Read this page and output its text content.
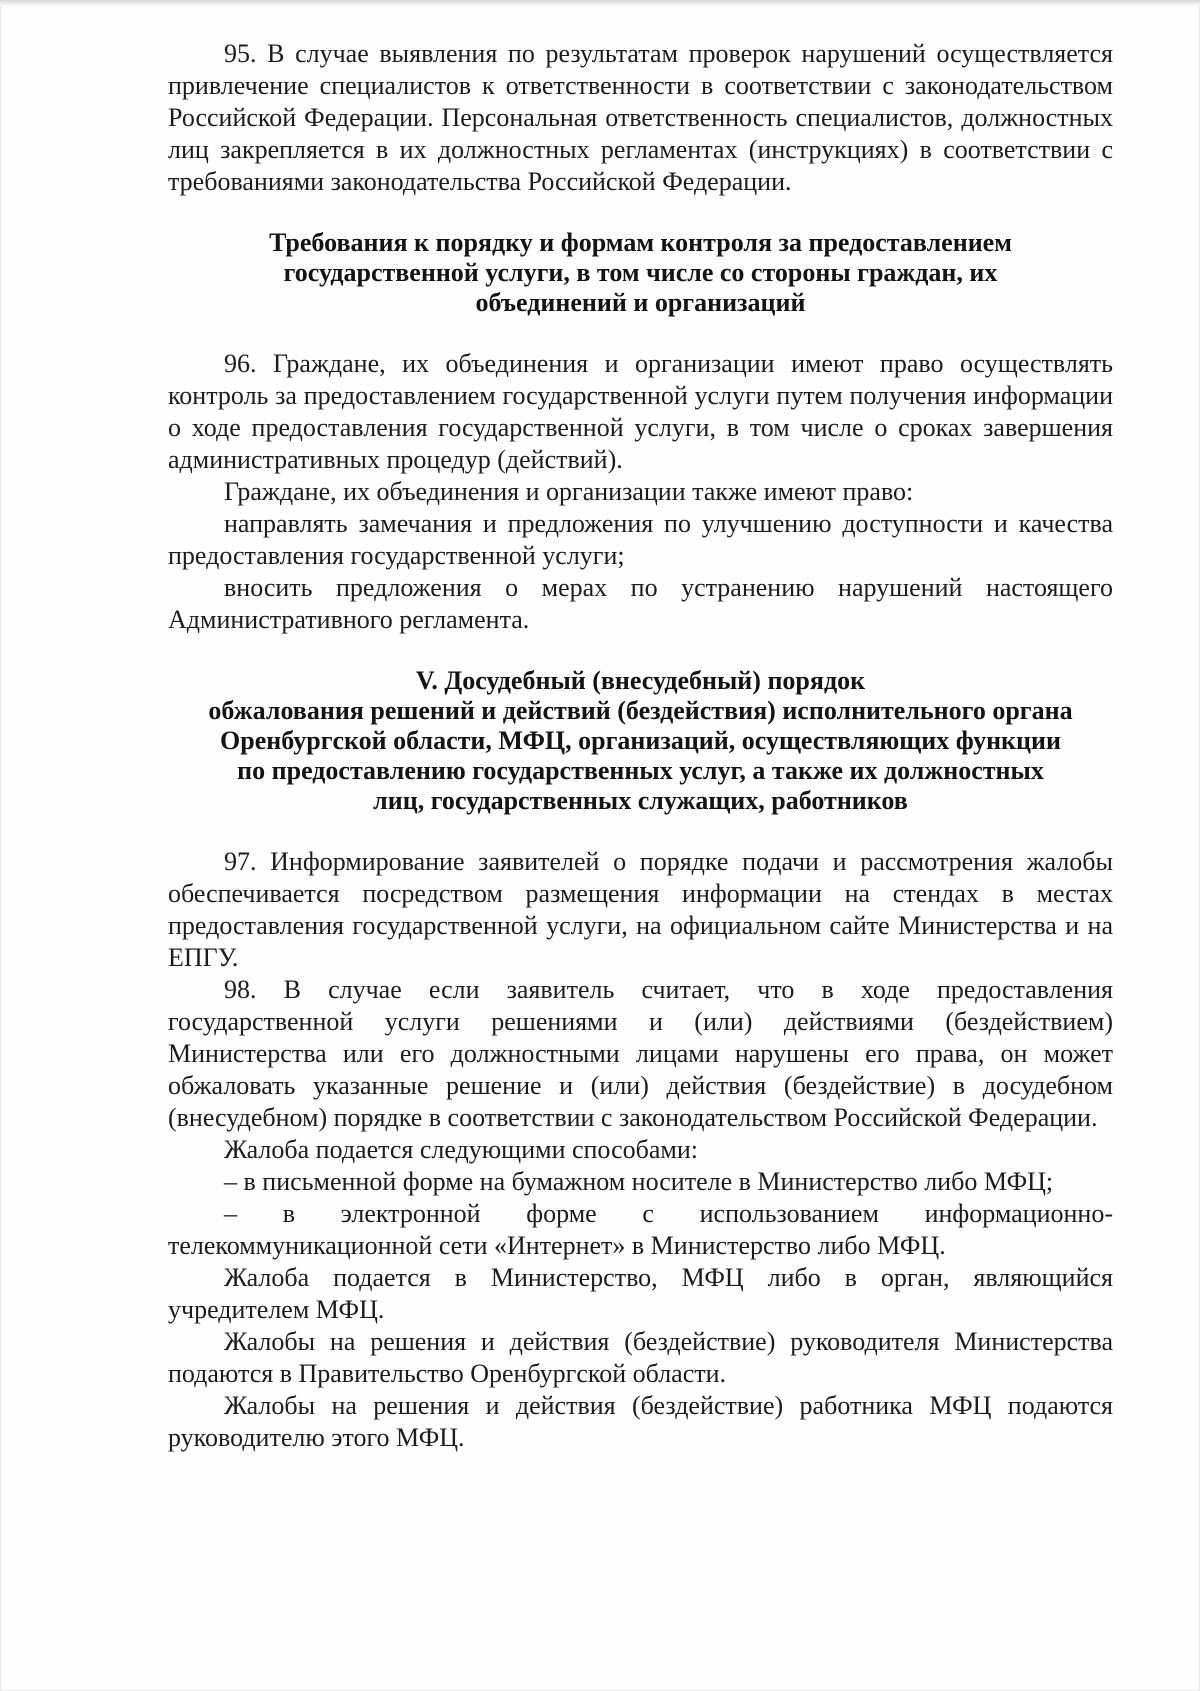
95. В случае выявления по результатам проверок нарушений осуществляется привлечение специалистов к ответственности в соответствии с законодательством Российской Федерации. Персональная ответственность специалистов, должностных лиц закрепляется в их должностных регламентах (инструкциях) в соответствии с требованиями законодательства Российской Федерации.

Требования к порядку и формам контроля за предоставлением
государственной услуги, в том числе со стороны граждан, их
объединений и организаций

96. Граждане, их объединения и организации имеют право осуществлять контроль за предоставлением государственной услуги путем получения информации о ходе предоставления государственной услуги, в том числе о сроках завершения административных процедур (действий).

Граждане, их объединения и организации также имеют право:

направлять замечания и предложения по улучшению доступности и качества предоставления государственной услуги;

вносить предложения о мерах по устранению нарушений настоящего Административного регламента.

V. Досудебный (внесудебный) порядок
обжалования решений и действий (бездействия) исполнительного органа
Оренбургской области, МФЦ, организаций, осуществляющих функции
по предоставлению государственных услуг, а также их должностных
лиц, государственных служащих, работников

97. Информирование заявителей о порядке подачи и рассмотрения жалобы обеспечивается посредством размещения информации на стендах в местах предоставления государственной услуги, на официальном сайте Министерства и на ЕПГУ.

98. В случае если заявитель считает, что в ходе предоставления государственной услуги решениями и (или) действиями (бездействием) Министерства или его должностными лицами нарушены его права, он может обжаловать указанные решение и (или) действия (бездействие) в досудебном (внесудебном) порядке в соответствии с законодательством Российской Федерации.

Жалоба подается следующими способами:

– в письменной форме на бумажном носителе в Министерство либо МФЦ;

– в электронной форме с использованием информационно-телекоммуникационной сети «Интернет» в Министерство либо МФЦ.

Жалоба подается в Министерство, МФЦ либо в орган, являющийся учредителем МФЦ.

Жалобы на решения и действия (бездействие) руководителя Министерства подаются в Правительство Оренбургской области.

Жалобы на решения и действия (бездействие) работника МФЦ подаются руководителю этого МФЦ.
